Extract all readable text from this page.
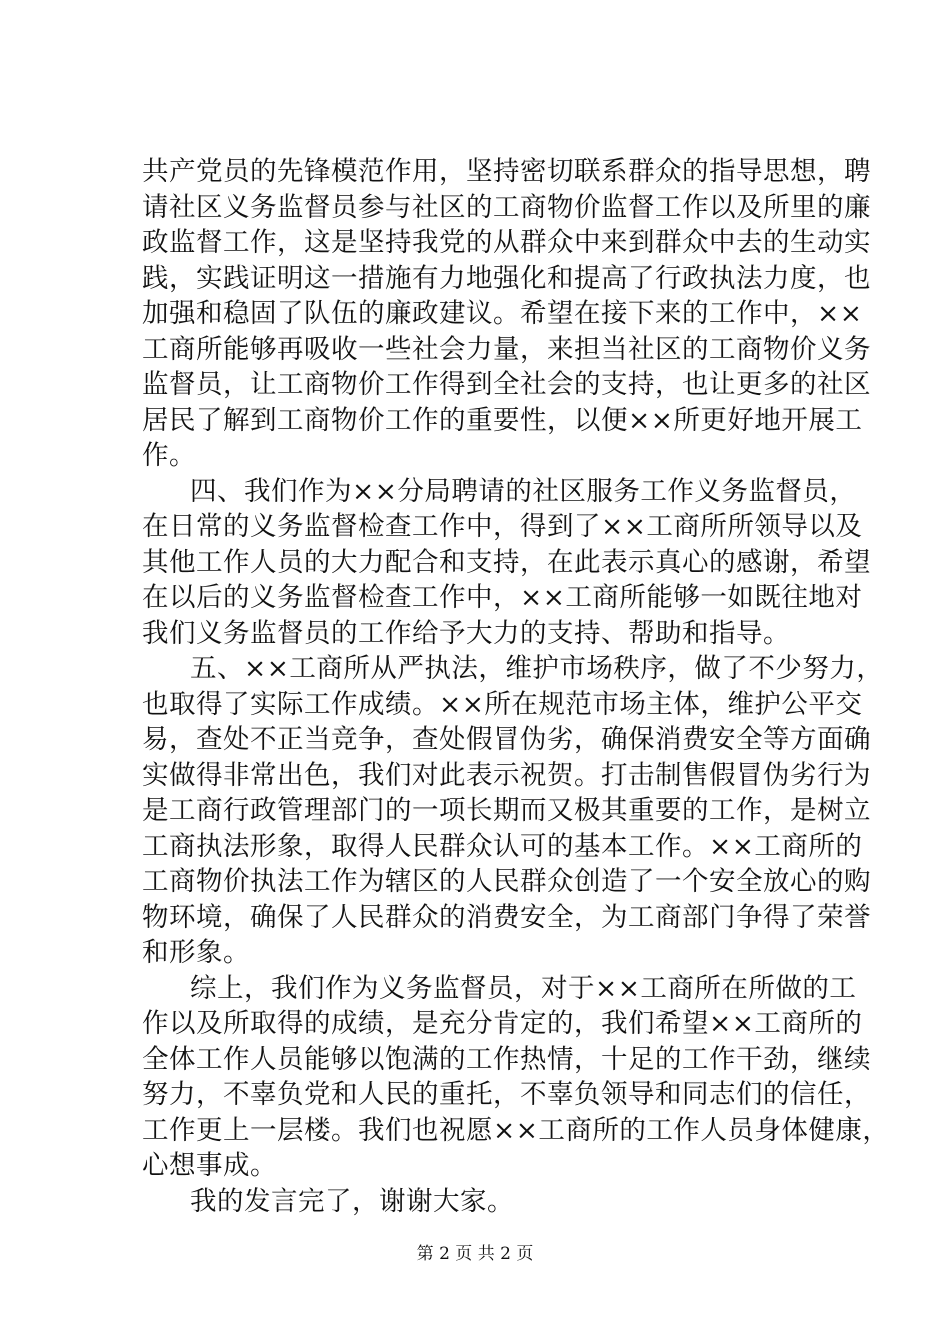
共产党员的先锋模范作用，坚持密切联系群众的指导思想，聘
请社区义务监督员参与社区的工商物价监督工作以及所里的廉
政监督工作，这是坚持我党的从群众中来到群众中去的生动实
践，实践证明这一措施有力地强化和提高了行政执法力度，也
加强和稳固了队伍的廉政建议。希望在接下来的工作中，××
工商所能够再吸收一些社会力量，来担当社区的工商物价义务
监督员，让工商物价工作得到全社会的支持，也让更多的社区
居民了解到工商物价工作的重要性，以便××所更好地开展工
作。
四、我们作为××分局聘请的社区服务工作义务监督员，
在日常的义务监督检查工作中，得到了××工商所所领导以及
其他工作人员的大力配合和支持，在此表示真心的感谢，希望
在以后的义务监督检查工作中，××工商所能够一如既往地对
我们义务监督员的工作给予大力的支持、帮助和指导。
五、××工商所从严执法，维护市场秩序，做了不少努力，
也取得了实际工作成绩。××所在规范市场主体，维护公平交
易，查处不正当竞争，查处假冒伪劣，确保消费安全等方面确
实做得非常出色，我们对此表示祝贺。打击制售假冒伪劣行为
是工商行政管理部门的一项长期而又极其重要的工作，是树立
工商执法形象，取得人民群众认可的基本工作。××工商所的
工商物价执法工作为辖区的人民群众创造了一个安全放心的购
物环境，确保了人民群众的消费安全，为工商部门争得了荣誉
和形象。
综上，我们作为义务监督员，对于××工商所在所做的工
作以及所取得的成绩，是充分肯定的，我们希望××工商所的
全体工作人员能够以饱满的工作热情，十足的工作干劲，继续
努力，不辜负党和人民的重托，不辜负领导和同志们的信任，
工作更上一层楼。我们也祝愿××工商所的工作人员身体健康，
心想事成。
我的发言完了，谢谢大家。
第 2 页 共 2 页
